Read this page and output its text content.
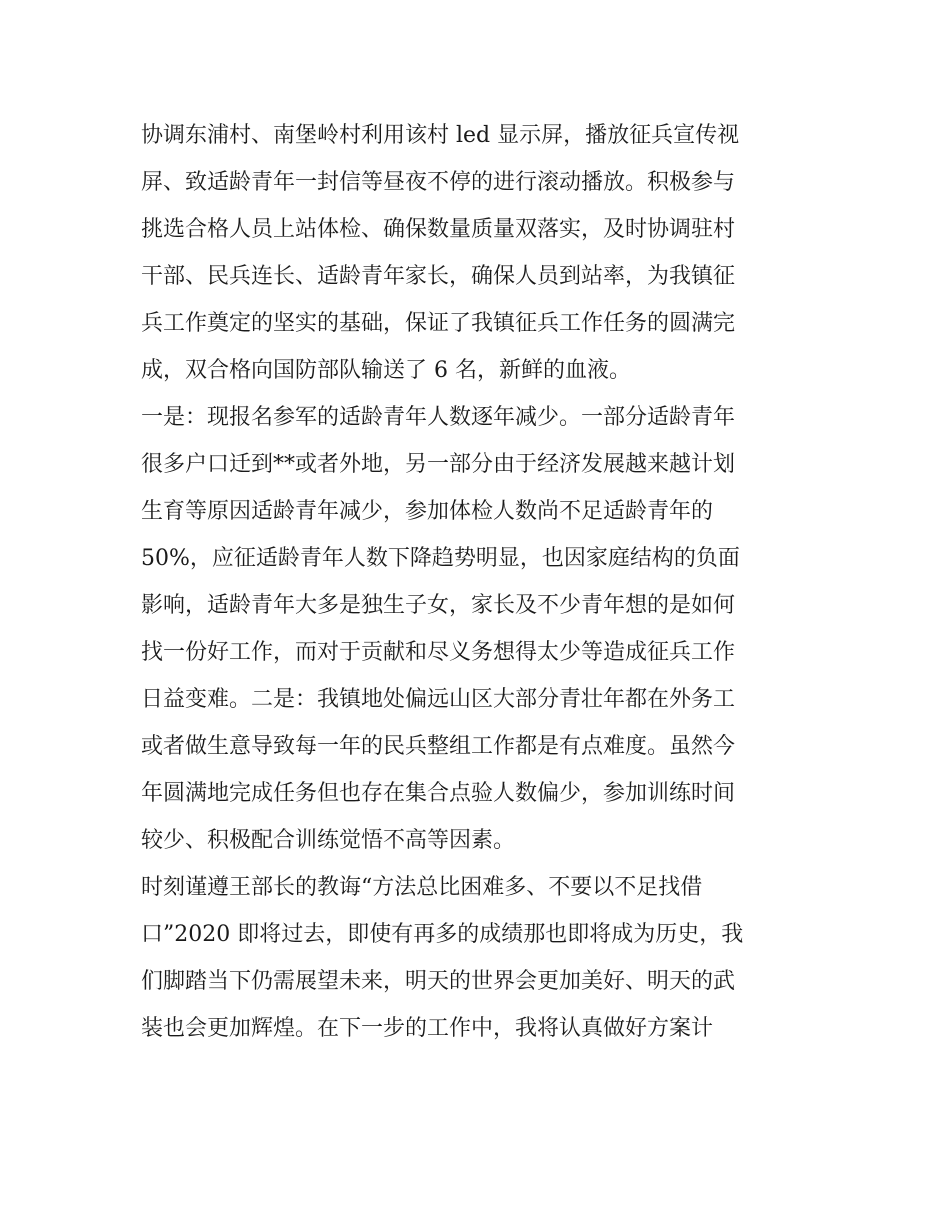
协调东浦村、南堡岭村利用该村 led 显示屏，播放征兵宣传视
屏、致适龄青年一封信等昼夜不停的进行滚动播放。积极参与
挑选合格人员上站体检、确保数量质量双落实，及时协调驻村
干部、民兵连长、适龄青年家长，确保人员到站率，为我镇征
兵工作奠定的坚实的基础，保证了我镇征兵工作任务的圆满完
成，双合格向国防部队输送了 6 名，新鲜的血液。
一是：现报名参军的适龄青年人数逐年减少。一部分适龄青年
很多户口迁到**或者外地，另一部分由于经济发展越来越计划
生育等原因适龄青年减少，参加体检人数尚不足适龄青年的
50%，应征适龄青年人数下降趋势明显，也因家庭结构的负面
影响，适龄青年大多是独生子女，家长及不少青年想的是如何
找一份好工作，而对于贡献和尽义务想得太少等造成征兵工作
日益变难。二是：我镇地处偏远山区大部分青壮年都在外务工
或者做生意导致每一年的民兵整组工作都是有点难度。虽然今
年圆满地完成任务但也存在集合点验人数偏少，参加训练时间
较少、积极配合训练觉悟不高等因素。
时刻谨遵王部长的教诲“方法总比困难多、不要以不足找借
口”2020 即将过去，即使有再多的成绩那也即将成为历史，我
们脚踏当下仍需展望未来，明天的世界会更加美好、明天的武
装也会更加辉煌。在下一步的工作中，我将认真做好方案计
